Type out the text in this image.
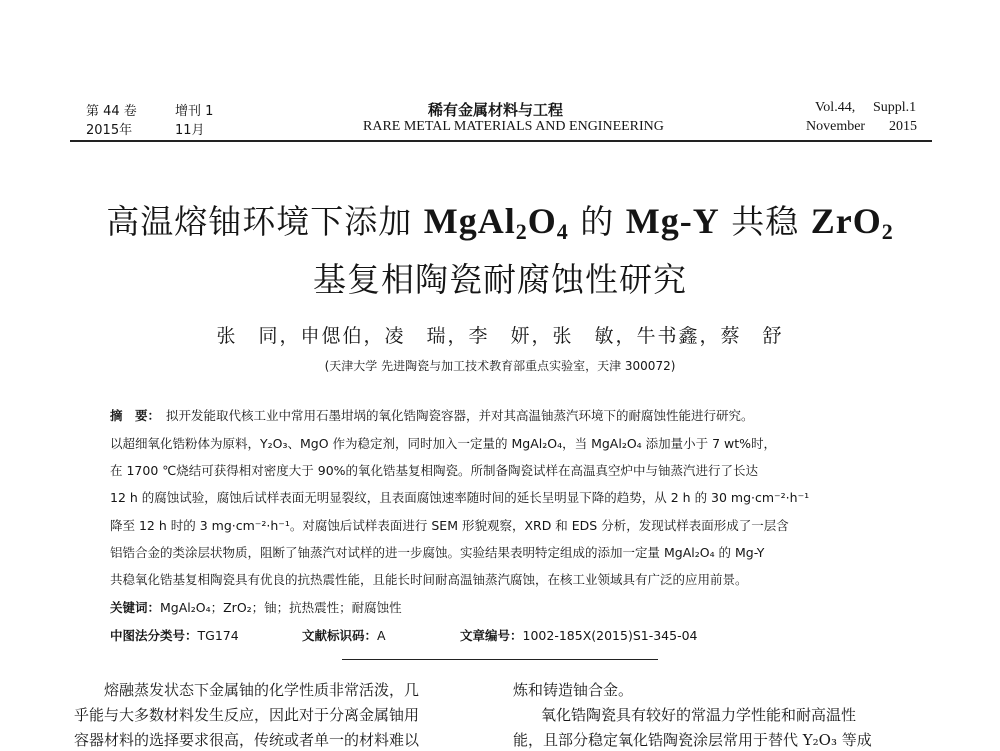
第 44 卷	增刊 1
2015年	11月
稀有金属材料与工程
RARE METAL MATERIALS AND ENGINEERING
Vol.44, Suppl.1
November 2015
高温熔铀环境下添加 $MgAl_2O_4$ 的 Mg-Y 共稳 ZrO$_2$
基复相陶瓷耐腐蚀性研究
张　同，申偲伯，凌　瑞，李　妍，张　敏，牛书鑫，蔡　舒
(天津大学 先进陶瓷与加工技术教育部重点实验室，天津 300072)
摘　要： 拟开发能取代核工业中常用石墨坩埚的氧化锆陶瓷容器，并对其高温铀蒸汽环境下的耐腐蚀性能进行研究。
以超细氧化锆粉体为原料，Y₂O₃、MgO 作为稳定剂，同时加入一定量的 MgAl₂O₄，当 MgAl₂O₄ 添加量小于 7 wt%时，
在 1700 ℃烧结可获得相对密度大于 90%的氧化锆基复相陶瓷。所制备陶瓷试样在高温真空炉中与铀蒸汽进行了长达
12 h 的腐蚀试验，腐蚀后试样表面无明显裂纹，且表面腐蚀速率随时间的延长呈明显下降的趋势，从 2 h 的 30 mg·cm⁻²·h⁻¹
降至 12 h 时的 3 mg·cm⁻²·h⁻¹。对腐蚀后试样表面进行 SEM 形貌观察，XRD 和 EDS 分析，发现试样表面形成了一层含
铝锆合金的类涂层状物质，阻断了铀蒸汽对试样的进一步腐蚀。实验结果表明特定组成的添加一定量 MgAl₂O₄ 的 Mg-Y
共稳氧化锆基复相陶瓷具有优良的抗热震性能，且能长时间耐高温铀蒸汽腐蚀，在核工业领域具有广泛的应用前景。
关键词：MgAl₂O₄；ZrO₂；铀；抗热震性；耐腐蚀性
中图法分类号：TG174	文献标识码：A	文章编号：1002-185X(2015)S1-345-04
熔融蒸发状态下金属铀的化学性质非常活泼，几
乎能与大多数材料发生反应，因此对于分离金属铀用
容器材料的选择要求很高，传统或者单一的材料难以
炼和铸造铀合金。
氧化锆陶瓷具有较好的常温力学性能和耐高温性
能，且部分稳定氧化锆陶瓷涂层常用于替代 Y₂O₃ 等成
